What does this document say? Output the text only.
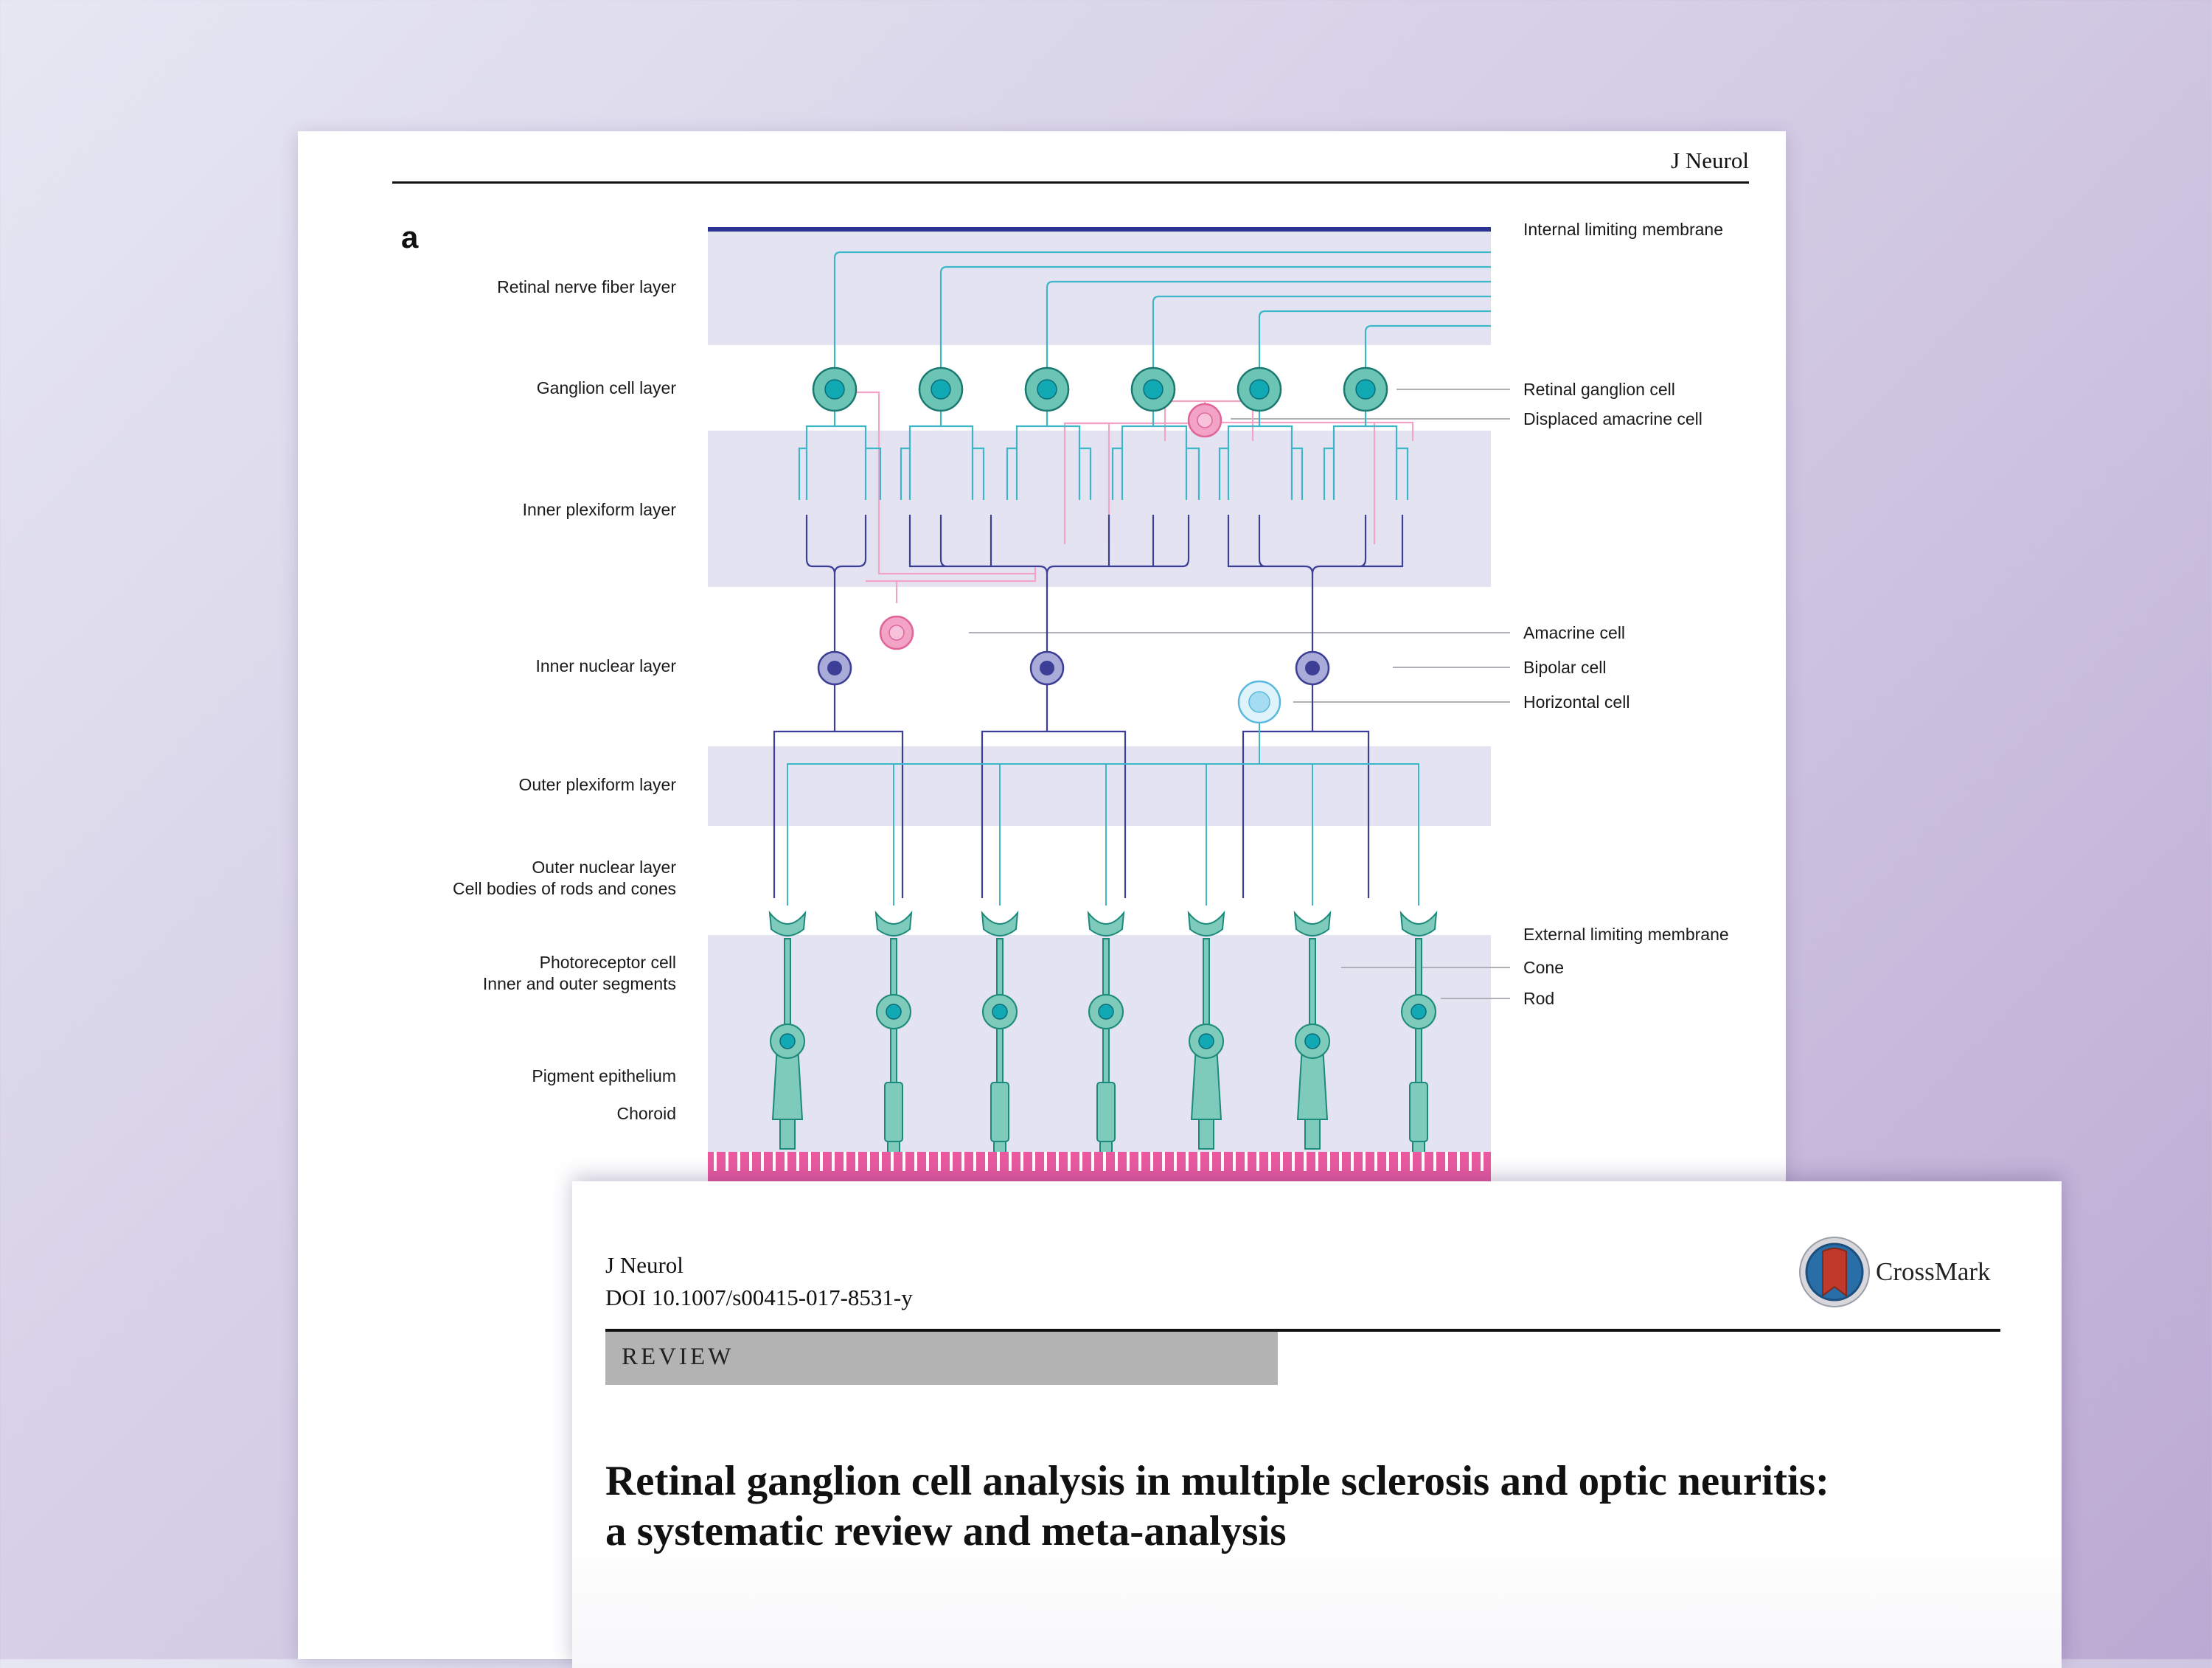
J Neurol
a
Retinal nerve fiber layer
Ganglion cell layer
Inner plexiform layer
Inner nuclear layer
Outer plexiform layer
Outer nuclear layer
Cell bodies of rods and cones
Photoreceptor cell
Inner and outer segments
Pigment epithelium
Choroid
Internal limiting membrane
Retinal ganglion cell
Displaced amacrine cell
Amacrine cell
Bipolar cell
Horizontal cell
External limiting membrane
Cone
Rod
J Neurol
DOI 10.1007/s00415-017-8531-y
CrossMark
REVIEW
Retinal ganglion cell analysis in multiple sclerosis and optic neuritis: a systematic review and meta-analysis
